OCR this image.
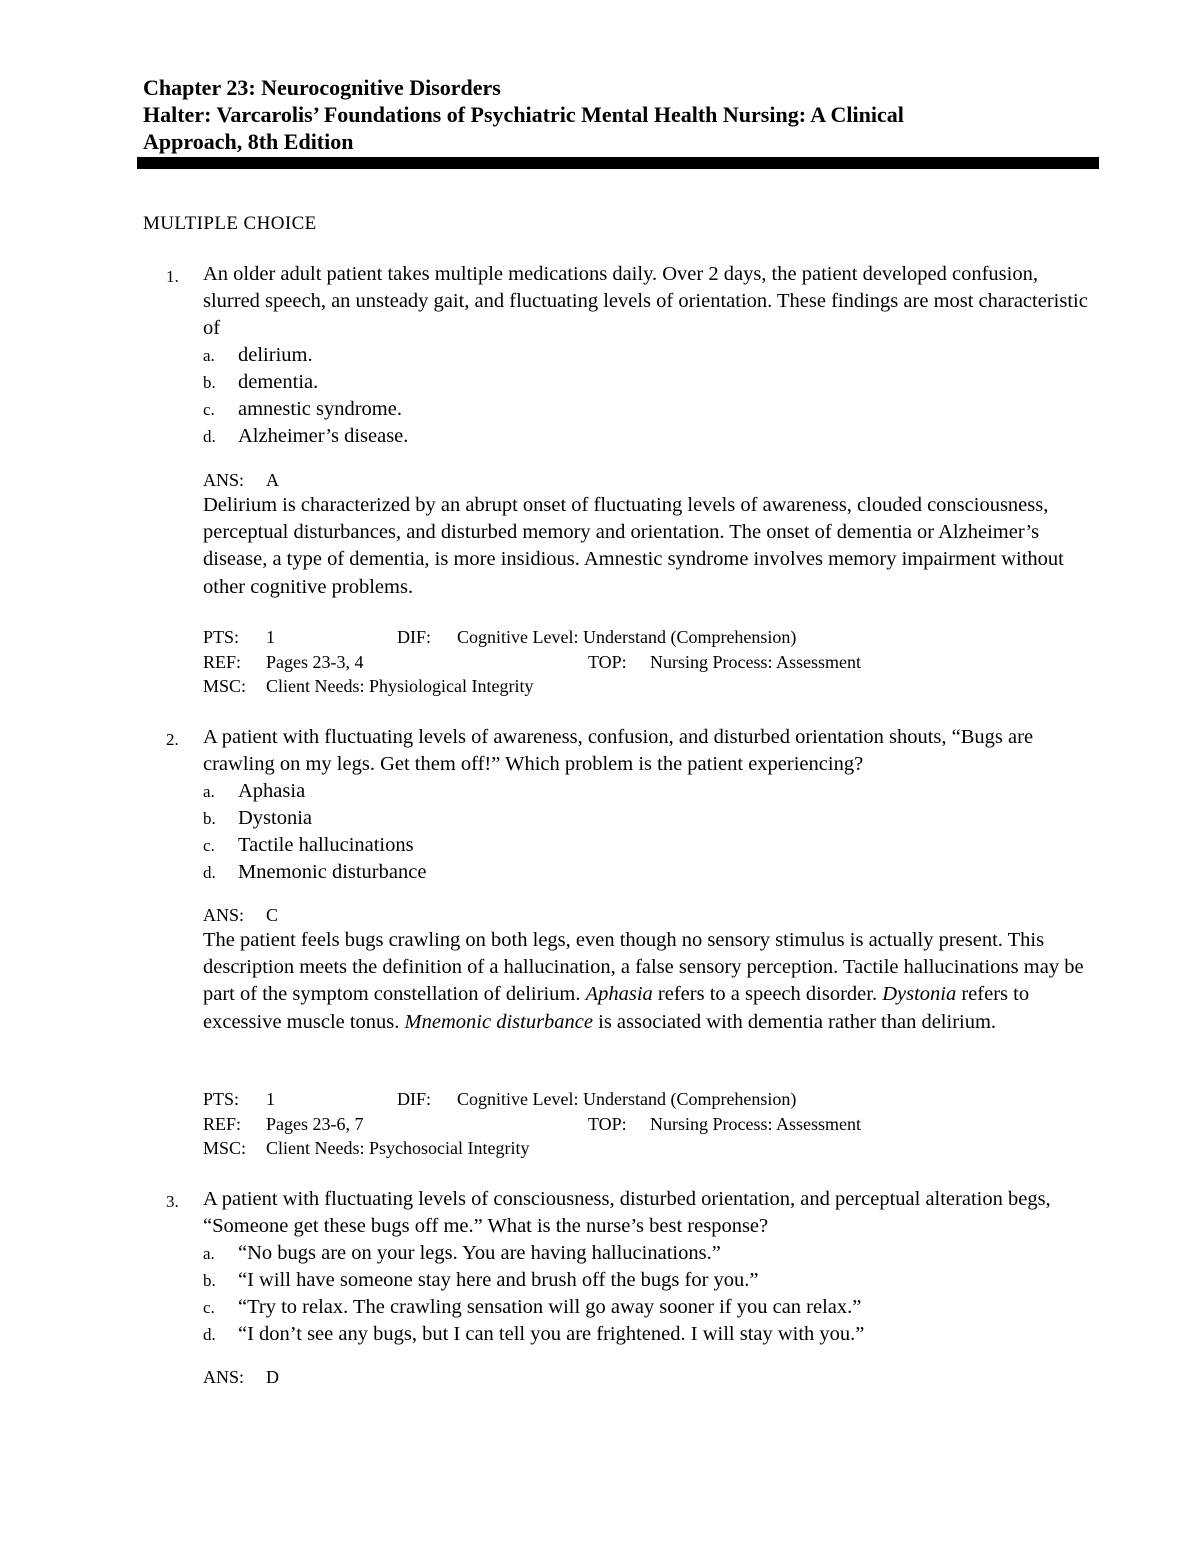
Chapter 23: Neurocognitive Disorders
Halter: Varcarolis’ Foundations of Psychiatric Mental Health Nursing: A Clinical
Approach, 8th Edition
MULTIPLE CHOICE
1. An older adult patient takes multiple medications daily. Over 2 days, the patient developed confusion, slurred speech, an unsteady gait, and fluctuating levels of orientation. These findings are most characteristic of
a. delirium.
b. dementia.
c. amnestic syndrome.
d. Alzheimer’s disease.
ANS: A
Delirium is characterized by an abrupt onset of fluctuating levels of awareness, clouded consciousness, perceptual disturbances, and disturbed memory and orientation. The onset of dementia or Alzheimer’s disease, a type of dementia, is more insidious. Amnestic syndrome involves memory impairment without other cognitive problems.
PTS: 1	DIF: Cognitive Level: Understand (Comprehension)
REF: Pages 23-3, 4	TOP: Nursing Process: Assessment
MSC: Client Needs: Physiological Integrity
2. A patient with fluctuating levels of awareness, confusion, and disturbed orientation shouts, “Bugs are crawling on my legs. Get them off!” Which problem is the patient experiencing?
a. Aphasia
b. Dystonia
c. Tactile hallucinations
d. Mnemonic disturbance
ANS: C
The patient feels bugs crawling on both legs, even though no sensory stimulus is actually present. This description meets the definition of a hallucination, a false sensory perception. Tactile hallucinations may be part of the symptom constellation of delirium. Aphasia refers to a speech disorder. Dystonia refers to excessive muscle tonus. Mnemonic disturbance is associated with dementia rather than delirium.
PTS: 1	DIF: Cognitive Level: Understand (Comprehension)
REF: Pages 23-6, 7	TOP: Nursing Process: Assessment
MSC: Client Needs: Psychosocial Integrity
3. A patient with fluctuating levels of consciousness, disturbed orientation, and perceptual alteration begs, “Someone get these bugs off me.” What is the nurse’s best response?
a. “No bugs are on your legs. You are having hallucinations.”
b. “I will have someone stay here and brush off the bugs for you.”
c. “Try to relax. The crawling sensation will go away sooner if you can relax.”
d. “I don’t see any bugs, but I can tell you are frightened. I will stay with you.”
ANS: D
